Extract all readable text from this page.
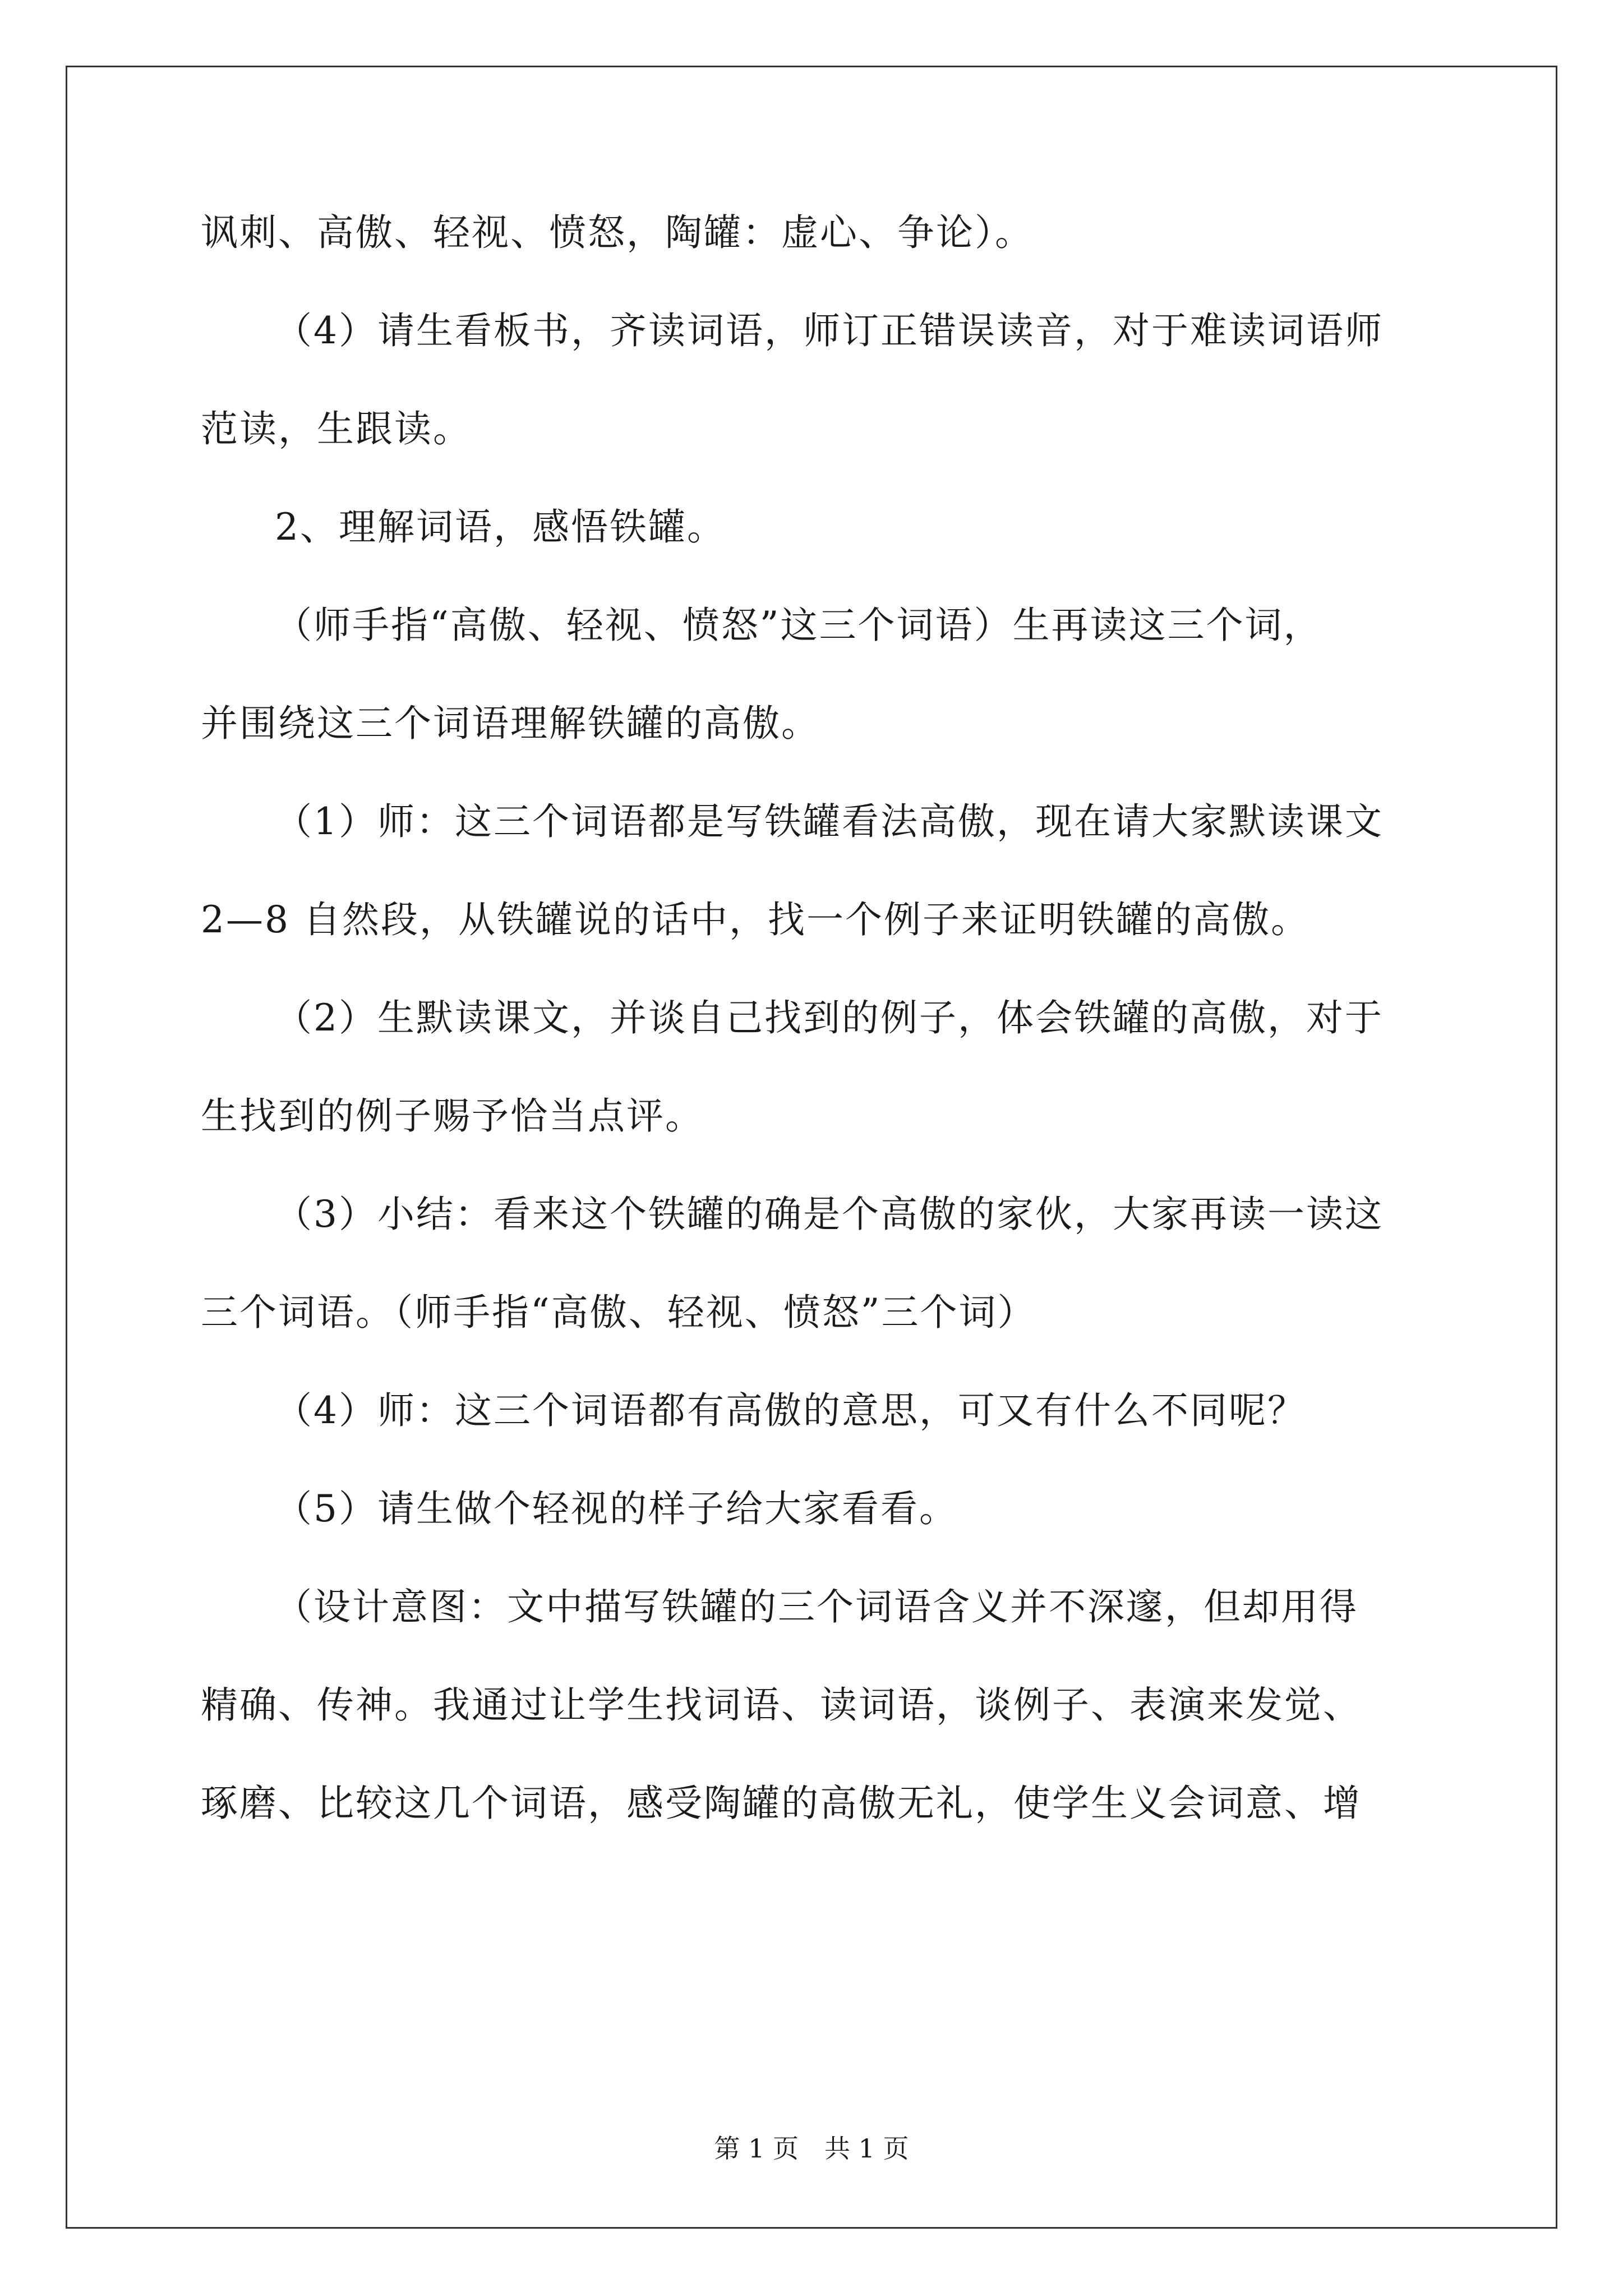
讽刺、高傲、轻视、愤怒，陶罐：虚心、争论）。
（4）请生看板书，齐读词语，师订正错误读音，对于难读词语师
范读，生跟读。
2、理解词语，感悟铁罐。
（师手指“高傲、轻视、愤怒”这三个词语）生再读这三个词，
并围绕这三个词语理解铁罐的高傲。
（1）师：这三个词语都是写铁罐看法高傲，现在请大家默读课文
2—8 自然段，从铁罐说的话中，找一个例子来证明铁罐的高傲。
（2）生默读课文，并谈自己找到的例子，体会铁罐的高傲，对于
生找到的例子赐予恰当点评。
（3）小结：看来这个铁罐的确是个高傲的家伙，大家再读一读这
三个词语。（师手指“高傲、轻视、愤怒”三个词）
（4）师：这三个词语都有高傲的意思，可又有什么不同呢？
（5）请生做个轻视的样子给大家看看。
（设计意图：文中描写铁罐的三个词语含义并不深邃，但却用得
精确、传神。我通过让学生找词语、读词语，谈例子、表演来发觉、
琢磨、比较这几个词语，感受陶罐的高傲无礼，使学生义会词意、增
第 1 页　共 1 页
